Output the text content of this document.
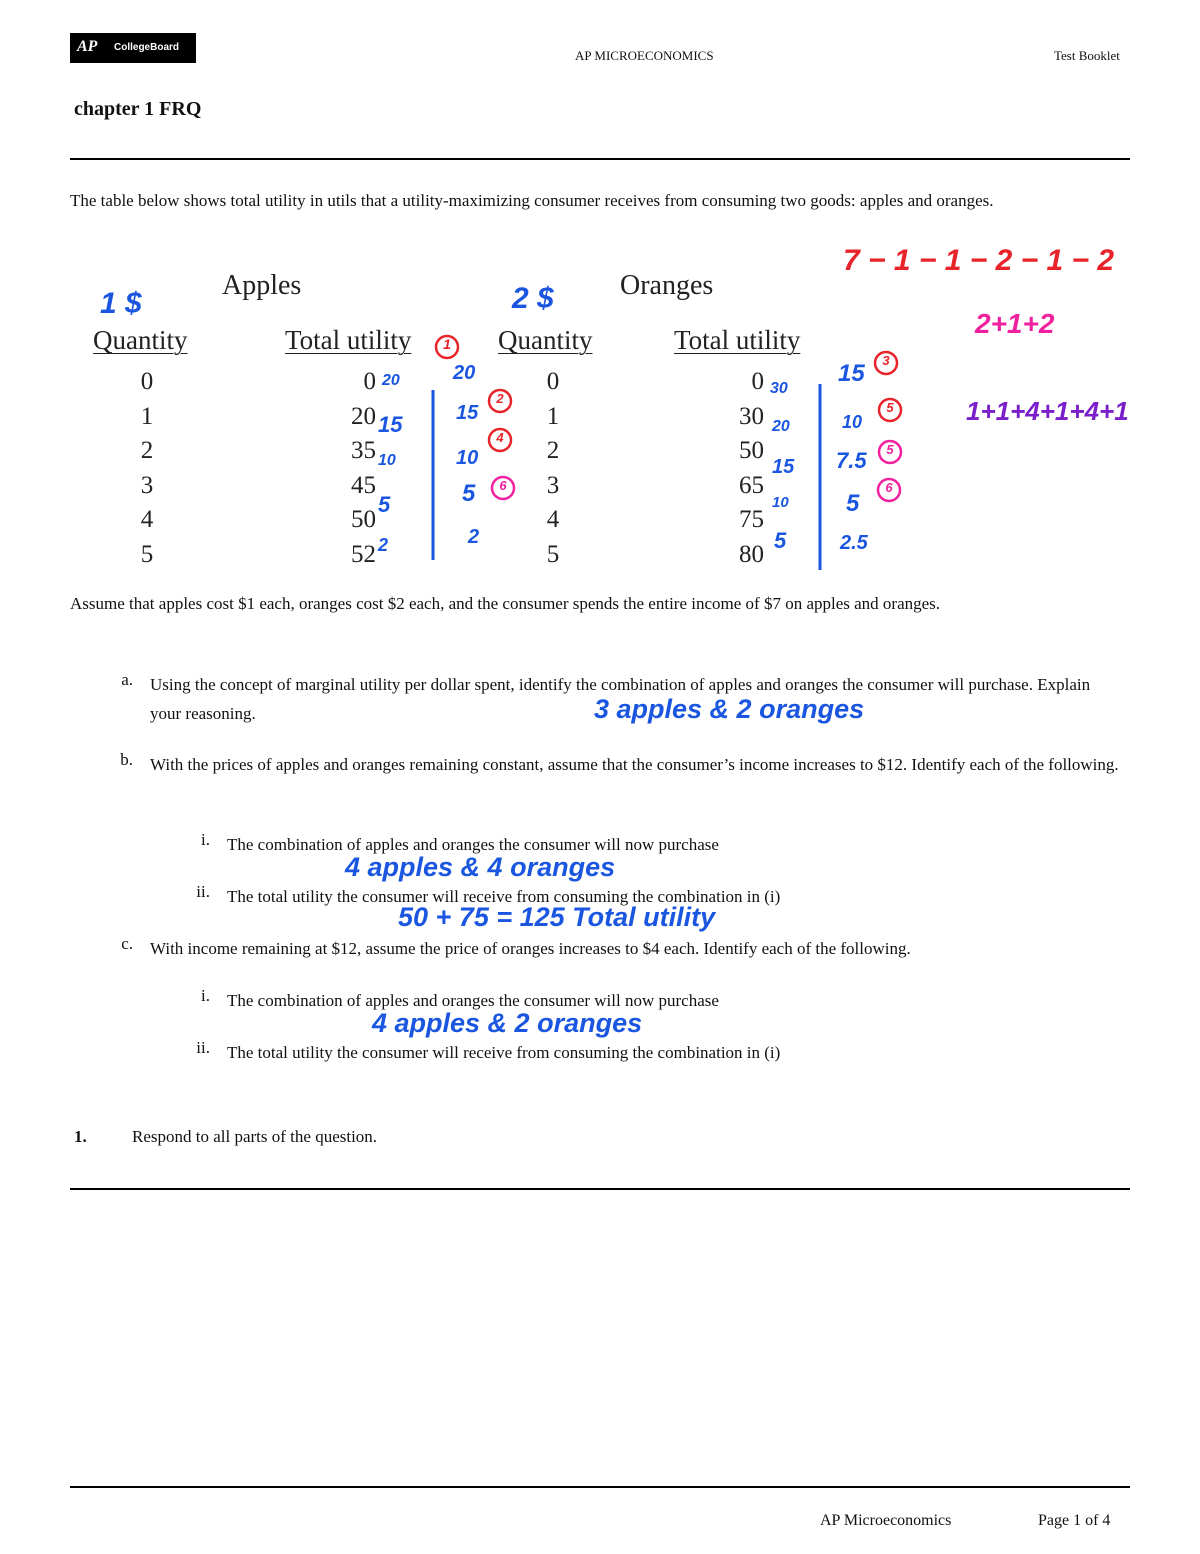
AP CollegeBoard
AP MICROECONOMICS	Test Booklet
chapter 1 FRQ
The table below shows total utility in utils that a utility-maximizing consumer receives from consuming two goods: apples and oranges.
Apples	Oranges
Quantity	Total utility	Quantity	Total utility
0	0	0	0
1	20	1	30
2	35	2	50
3	45	3	65
4	50	4	75
5	52	5	80
1 $	2 $
1
20
15
10
5
2
20
15
10
5
2
2
4
6
30
20
15
10
5
15
10
7.5
5
2.5
3
5
5
6
7 − 1 − 1 − 2 − 1 − 2
2+1+2
1+1+4+1+4+1
Assume that apples cost $1 each, oranges cost $2 each, and the consumer spends the entire income of $7 on apples and oranges.
a. Using the concept of marginal utility per dollar spent, identify the combination of apples and oranges the consumer will purchase. Explain your reasoning.	3 apples & 2 oranges
b. With the prices of apples and oranges remaining constant, assume that the consumer’s income increases to $12. Identify each of the following.
i. The combination of apples and oranges the consumer will now purchase
4 apples & 4 oranges
ii. The total utility the consumer will receive from consuming the combination in (i)
50 + 75 = 125 Total utility
c. With income remaining at $12, assume the price of oranges increases to $4 each. Identify each of the following.
i. The combination of apples and oranges the consumer will now purchase
4 apples & 2 oranges
ii. The total utility the consumer will receive from consuming the combination in (i)
1.	Respond to all parts of the question.
AP Microeconomics	Page 1 of 4
